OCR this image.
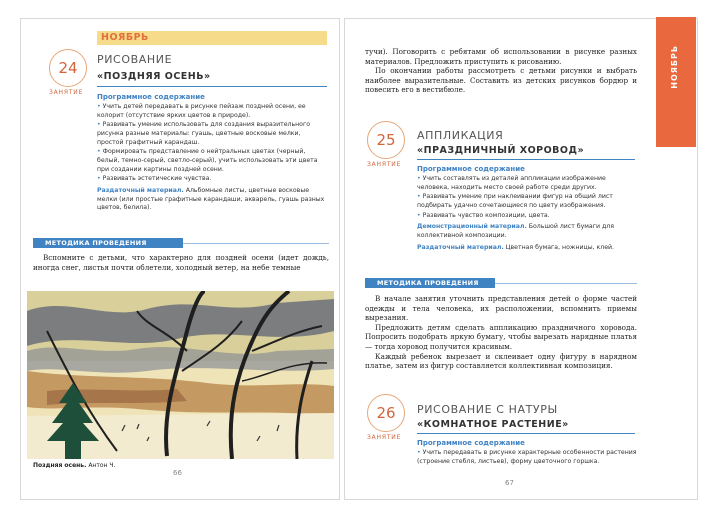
НОЯБРЬ
24
ЗАНЯТИЕ
РИСОВАНИЕ
«ПОЗДНЯЯ ОСЕНЬ»
Программное содержание

• Учить детей передавать в рисунке пейзаж поздней осени, ее колорит (отсутствие ярких цветов в природе).

• Развивать умение использовать для создания выразительного рисунка разные материалы: гуашь, цветные восковые мелки, простой графитный карандаш.

• Формировать представление о нейтральных цветах (черный, белый, темно-серый, светло-серый), учить использовать эти цвета при создании картины поздней осени.

• Развивать эстетические чувства.

Раздаточный материал. Альбомные листы, цветные восковые мелки (или простые графитные карандаши, акварель, гуашь разных цветов, белила).

МЕТОДИКА ПРОВЕДЕНИЯ

Вспомните с детьми, что характерно для поздней осени (идет дождь, иногда снег, листья почти облетели, холодный ветер, на небе темные

Поздняя осень. Антон Ч.
66

тучи). Поговорить с ребятами об использовании в рисунке разных материалов. Предложить приступить к рисованию.

По окончании работы рассмотреть с детьми рисунки и выбрать наиболее выразительные. Составить из детских рисунков бордюр и повесить его в вестибюле.

25
ЗАНЯТИЕ
АППЛИКАЦИЯ
«ПРАЗДНИЧНЫЙ ХОРОВОД»
Программное содержание

• Учить составлять из деталей аппликации изображение человека, находить место своей работе среди других.

• Развивать умение при наклеивании фигур на общий лист подбирать удачно сочетающиеся по цвету изображения.

• Развивать чувство композиции, цвета.

Демонстрационный материал. Большой лист бумаги для коллективной композиции.

Раздаточный материал. Цветная бумага, ножницы, клей.

МЕТОДИКА ПРОВЕДЕНИЯ

В начале занятия уточнить представления детей о форме частей одежды и тела человека, их расположении, вспомнить приемы вырезания.

Предложить детям сделать аппликацию праздничного хоровода. Попросить подобрать яркую бумагу, чтобы вырезать нарядные платья — тогда хоровод получится красивым.

Каждый ребенок вырезает и склеивает одну фигуру в нарядном платье, затем из фигур составляется коллективная композиция.

26
ЗАНЯТИЕ
РИСОВАНИЕ С НАТУРЫ
«КОМНАТНОЕ РАСТЕНИЕ»
Программное содержание

• Учить передавать в рисунке характерные особенности растения (строение стебля, листьев), форму цветочного горшка.

67
НОЯБРЬ
